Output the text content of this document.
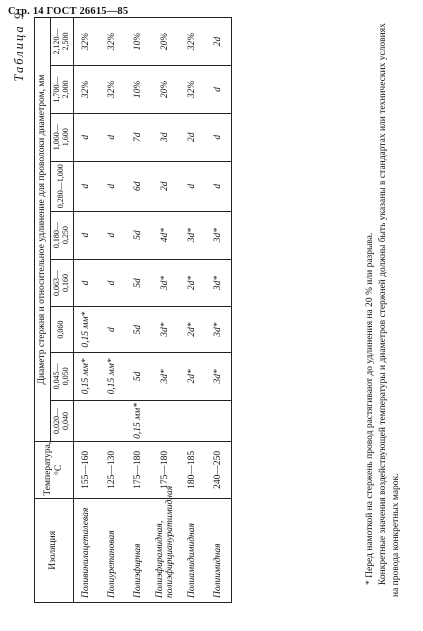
Стр. 14 ГОСТ 26615—85
Таблица 9
Изоляция	Температура, °С	Диаметр стержня и относительное удлинение для проволоки диаметром, мм								
		0,020—0,040	0,045—0,050	0,060	0,063—0,160	0,180—0,250	0,280—1,000	1,060—1,600	1,700—2,000	2,120—2,500
Поливинилацеталевая	155—160		0,15 мм*	0,15 мм*	d	d	d	d	32%	32%
Полиуретановая	125—130		0,15 мм*	d	d	d	d	d	32%	32%
Полиэфирная	175—180	0,15 мм*	5d	5d	5d	5d	6d	7d	10%	10%
Полиэфирамидная, полиэфирциануратимидная	175—180		3d*	3d*	3d*	4d*	2d	3d	20%	20%
Полиамидимидная	180—185		2d*	2d*	2d*	3d*	d	2d	32%	32%
Полиимидная	240—250		3d*	3d*	3d*	3d*	d	d	d	2d

* Перед намоткой на стержень провод растягивают до удлинения на 20 % или разрыва. Конкретные значения воздействующей температуры и диаметров стержней должны быть указаны в стандартах или технических условиях на провода конкретных марок.
